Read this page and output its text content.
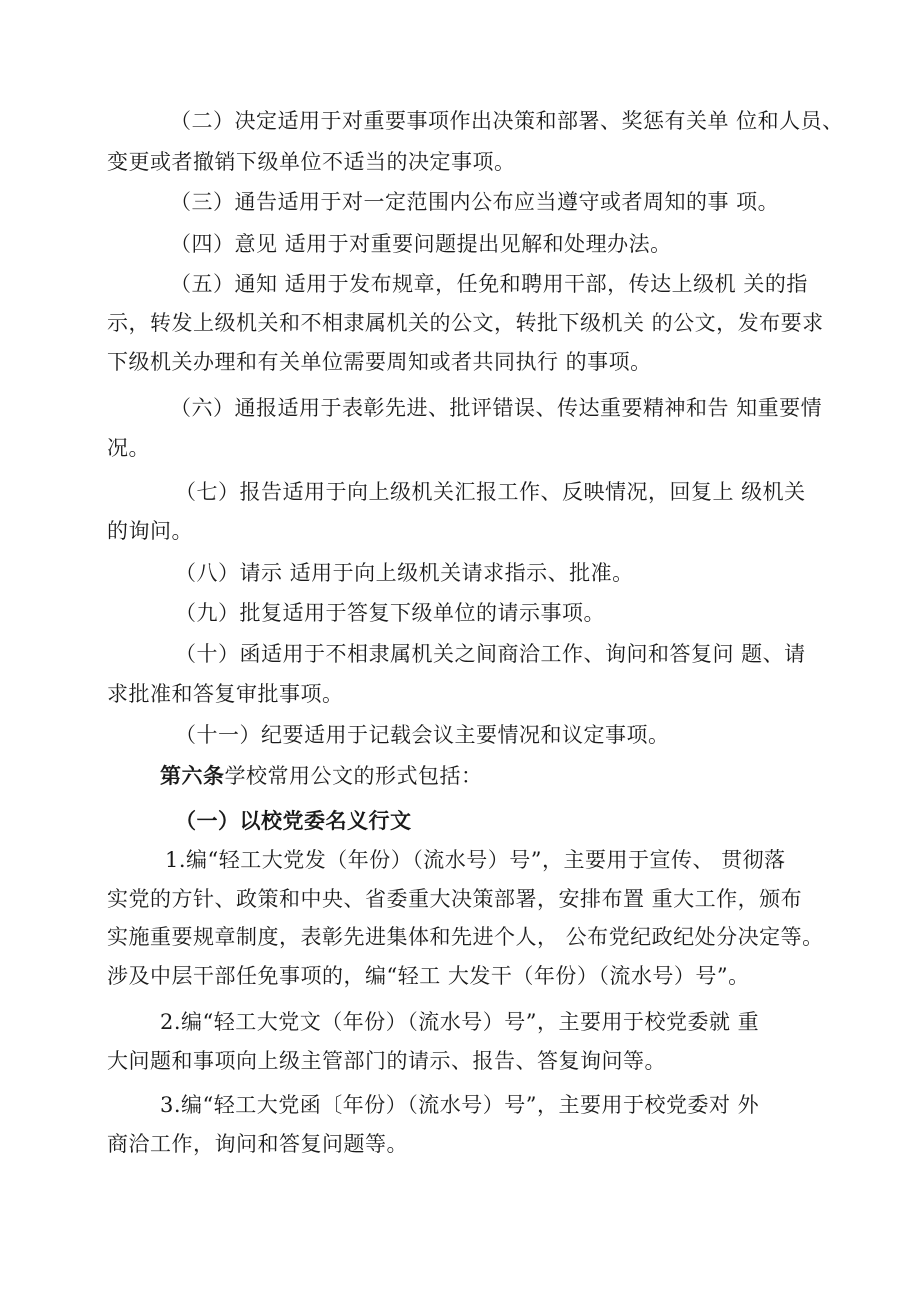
（二）决定适用于对重要事项作出决策和部署、奖惩有关单 位和人员、
变更或者撤销下级单位不适当的决定事项。
（三）通告适用于对一定范围内公布应当遵守或者周知的事 项。
（四）意见 适用于对重要问题提出见解和处理办法。
（五）通知 适用于发布规章，任免和聘用干部，传达上级机 关的指
示，转发上级机关和不相隶属机关的公文，转批下级机关 的公文，发布要求
下级机关办理和有关单位需要周知或者共同执行 的事项。
（六）通报适用于表彰先进、批评错误、传达重要精神和告 知重要情
况。
（七）报告适用于向上级机关汇报工作、反映情况，回复上 级机关
的询问。
（八）请示 适用于向上级机关请求指示、批准。
（九）批复适用于答复下级单位的请示事项。
（十）函适用于不相隶属机关之间商洽工作、询问和答复问 题、请
求批准和答复审批事项。
（十一）纪要适用于记载会议主要情况和议定事项。
第六条学校常用公文的形式包括：
（一）以校党委名义行文
1.编“轻工大党发（年份）（流水号）号”，主要用于宣传、 贯彻落
实党的方针、政策和中央、省委重大决策部署，安排布置 重大工作，颁布
实施重要规章制度，表彰先进集体和先进个人， 公布党纪政纪处分决定等。
涉及中层干部任免事项的，编“轻工 大发干（年份）（流水号）号”。
2.编“轻工大党文（年份）（流水号）号”，主要用于校党委就 重
大问题和事项向上级主管部门的请示、报告、答复询问等。
3.编“轻工大党函〔年份）（流水号）号”，主要用于校党委对 外
商洽工作，询问和答复问题等。
